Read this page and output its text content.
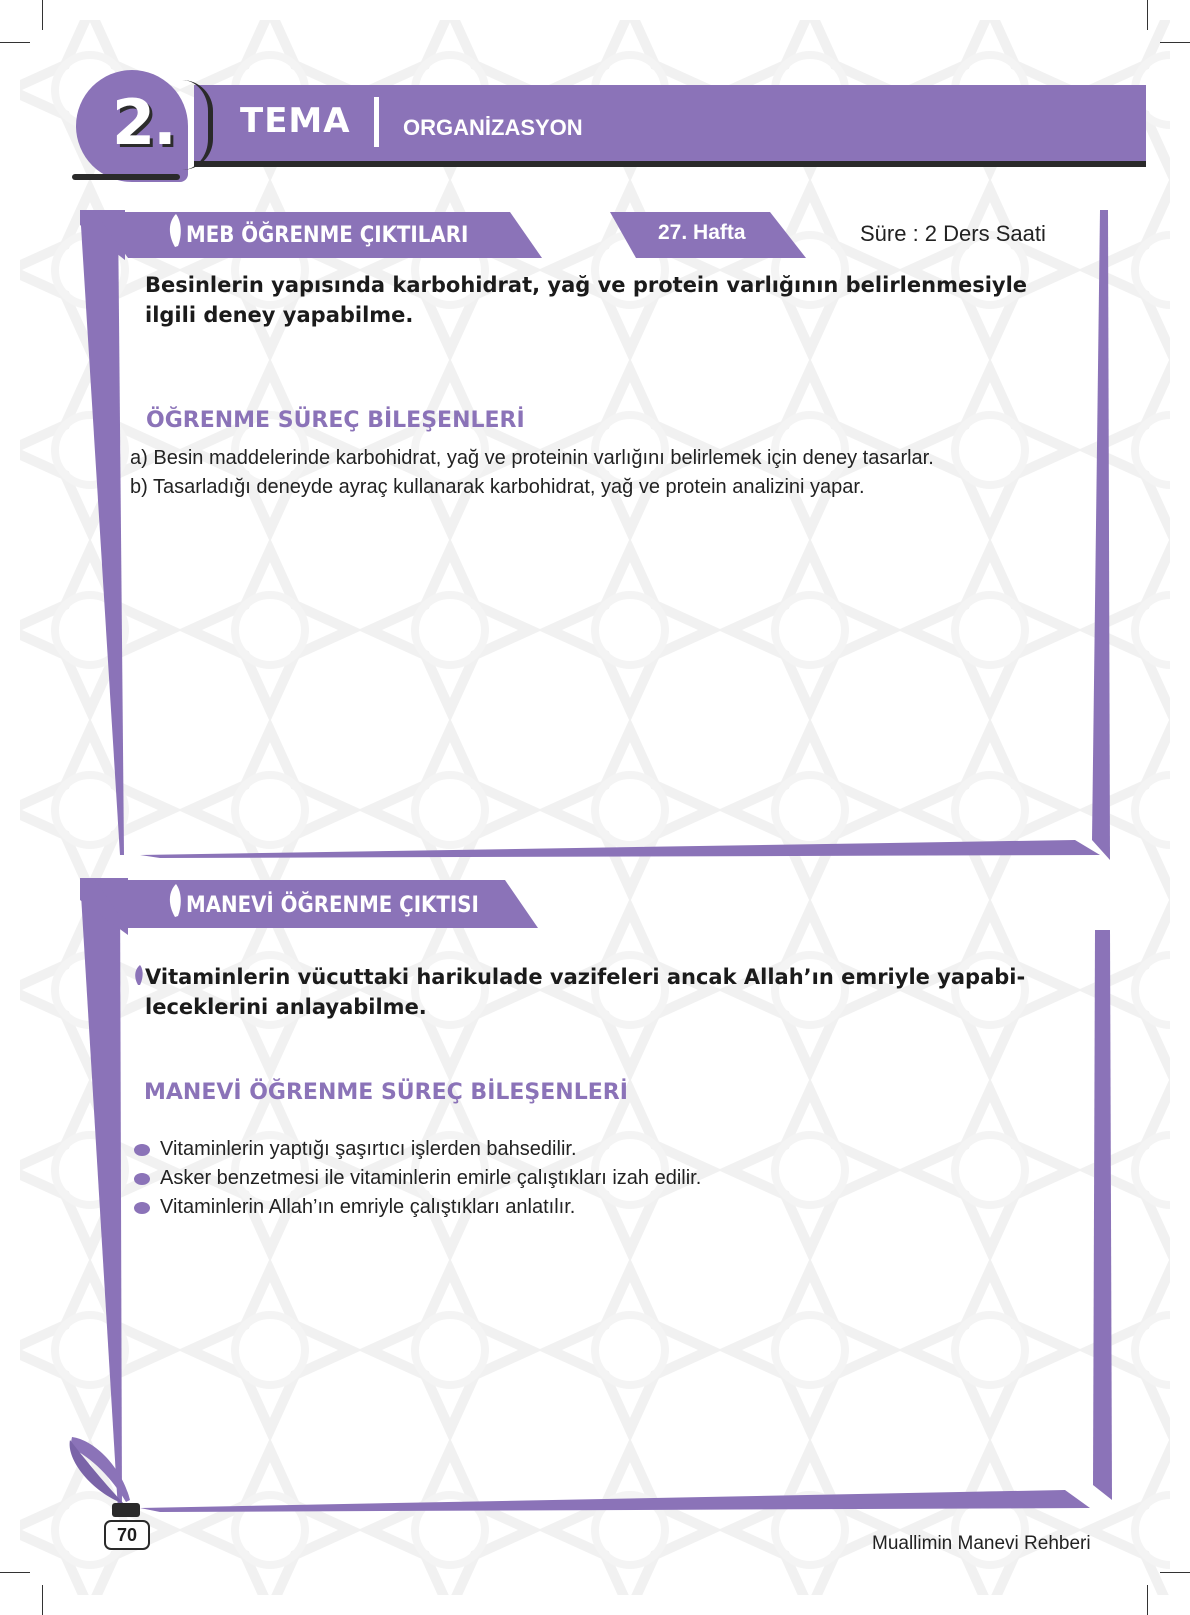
2. TEMA ORGANİZASYON
MEB ÖĞRENME ÇIKTILARI	27. Hafta	Süre : 2 Ders Saati
Besinlerin yapısında karbohidrat, yağ ve protein varlığının belirlenmesiyle
ilgili deney yapabilme.
ÖĞRENME SÜREÇ BİLEŞENLERİ
a) Besin maddelerinde karbohidrat, yağ ve proteinin varlığını belirlemek için deney tasarlar.
b) Tasarladığı deneyde ayraç kullanarak karbohidrat, yağ ve protein analizini yapar.
MANEVİ ÖĞRENME ÇIKTISI
Vitaminlerin vücuttaki harikulade vazifeleri ancak Allah’ın emriyle yapabi-
leceklerini anlayabilme.
MANEVİ ÖĞRENME SÜREÇ BİLEŞENLERİ
Vitaminlerin yaptığı şaşırtıcı işlerden bahsedilir.
Asker benzetmesi ile vitaminlerin emirle çalıştıkları izah edilir.
Vitaminlerin Allah’ın emriyle çalıştıkları anlatılır.
70	Muallimin Manevi Rehberi
